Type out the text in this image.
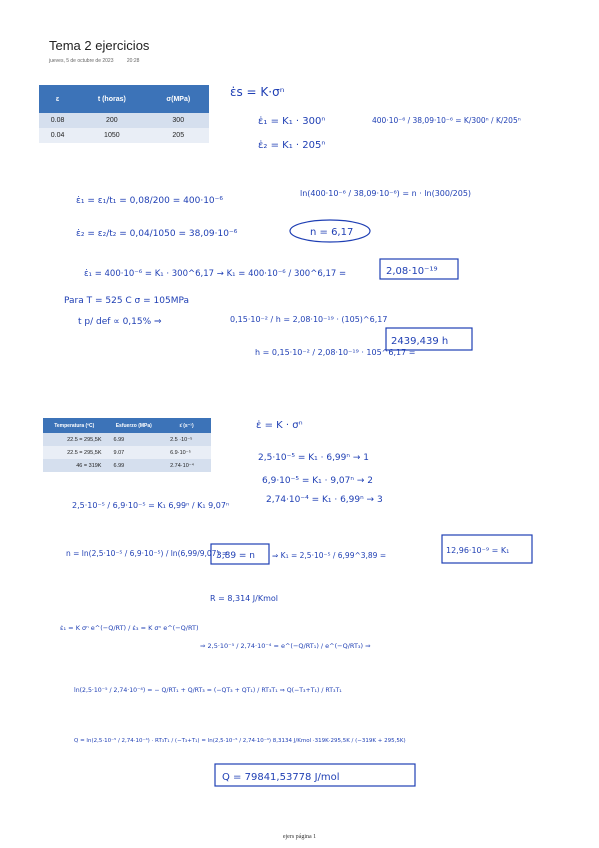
Tema 2 ejercicios
jueves, 5 de octubre de 2023	20:28
ε	t (horas)	σ(MPa)
0.08	200	300
0.04	1050	205
Temperatura (ºC)	Esfuerzo (MPa)	ε̇ (s⁻¹)
22.5 = 295,5K	6.99	2.5 ·10⁻⁵
22.5 = 295,5K	9.07	6.9·10⁻⁵
46 = 319K	6.99	2.74·10⁻⁴
ε̇s = K·σⁿ
ε̇₁ = K₁ · 300ⁿ
ε̇₂ = K₁ · 205ⁿ
400·10⁻⁶ / 38,09·10⁻⁶ = K/300ⁿ / K/205ⁿ
ε̇₁ = ε₁/t₁ = 0,08/200 = 400·10⁻⁶
ln(400·10⁻⁶ / 38,09·10⁻⁶) = n · ln(300/205)
ε̇₂ = ε₂/t₂ = 0,04/1050 = 38,09·10⁻⁶	n = 6,17
ε̇₁ = 400·10⁻⁶ = K₁ · 300^6,17 → K₁ = 400·10⁻⁶ / 300^6,17 =	2,08·10⁻¹⁹
Para T = 525 C σ = 105MPa
t p/ def ∝ 0,15% ⇒	0,15·10⁻² / h = 2,08·10⁻¹⁹ · (105)^6,17
h = 0,15·10⁻² / 2,08·10⁻¹⁹ · 105^6,17 =
2439,439 h
ε̇ = K · σⁿ
2,5·10⁻⁵ = K₁ · 6,99ⁿ → 1
6,9·10⁻⁵ = K₁ · 9,07ⁿ → 2
2,74·10⁻⁴ = K₁ · 6,99ⁿ → 3
2,5·10⁻⁵ / 6,9·10⁻⁵ = K₁ 6,99ⁿ / K₁ 9,07ⁿ
n = ln(2,5·10⁻⁵ / 6,9·10⁻⁵) / ln(6,99/9,07) =
3,89 = n ⇒ K₁ = 2,5·10⁻⁵ / 6,99^3,89 =
12,96·10⁻⁹ = K₁
R = 8,314 J/Kmol
ε̇₁ = K σⁿ e^(−Q/RT) / ε̇₃ = K σⁿ e^(−Q/RT)
⇒ 2,5·10⁻⁵ / 2,74·10⁻⁴ = e^(−Q/RT₁) / e^(−Q/RT₃) ⇒
ln(2,5·10⁻⁵ / 2,74·10⁻⁴) = − Q/RT₁ + Q/RT₃ = (−QT₃ + QT₁) / RT₃T₁ ⇒ Q(−T₃+T₁) / RT₃T₁
Q = ln(2,5·10⁻⁵ / 2,74·10⁻⁴) · RT₃T₁ / (−T₃+T₁) = ln(2,5·10⁻⁵ / 2,74·10⁻⁴) 8,3134 J/Kmol ·319K·295,5K / (−319K + 295,5K)
Q = 79841,53778 J/mol
ejers página 1
